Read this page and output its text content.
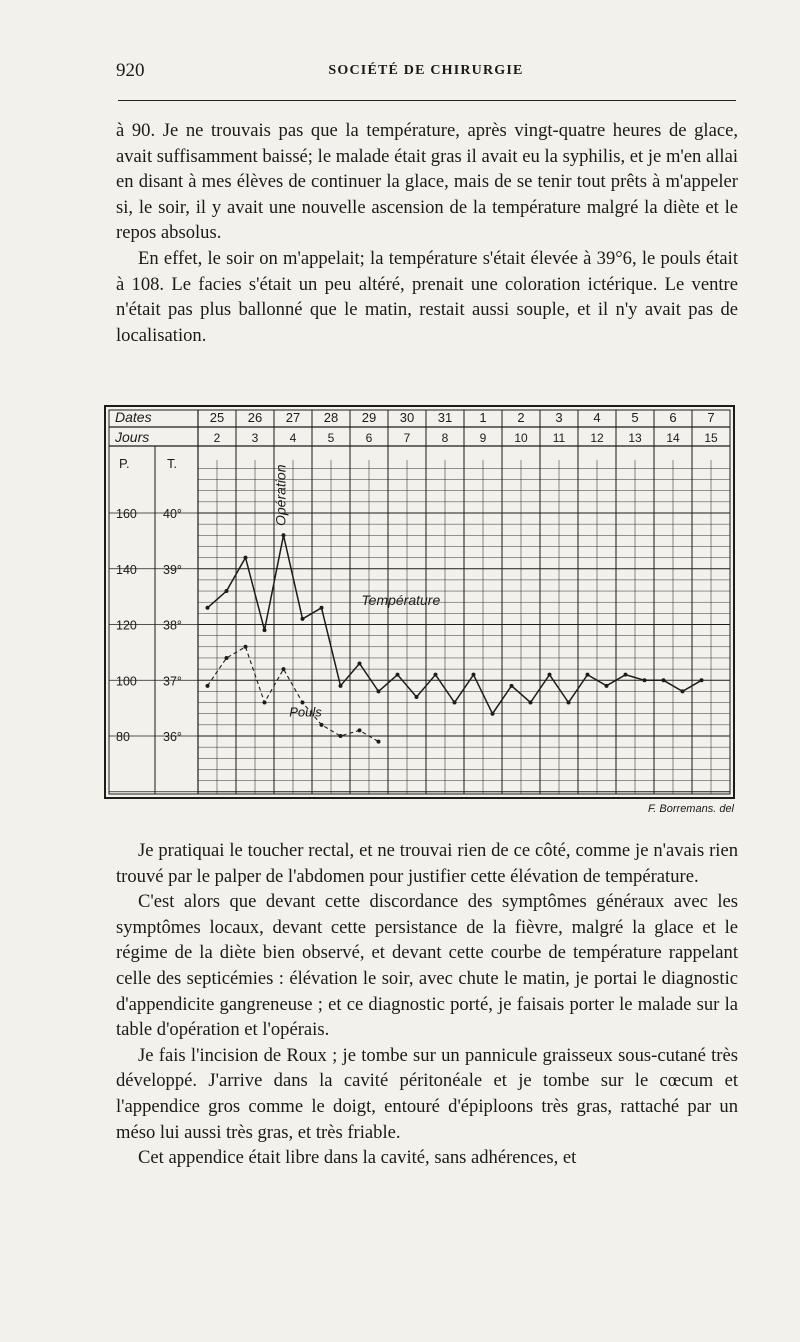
920	SOCIÉTÉ DE CHIRURGIE

à 90. Je ne trouvais pas que la température, après vingt-quatre heures de glace, avait suffisamment baissé; le malade était gras il avait eu la syphilis, et je m'en allai en disant à mes élèves de continuer la glace, mais de se tenir tout prêts à m'appeler si, le soir, il y avait une nouvelle ascension de la température malgré la diète et le repos absolus.

En effet, le soir on m'appelait; la température s'était élevée à 39°6, le pouls était à 108. Le facies s'était un peu altéré, prenait une coloration ictérique. Le ventre n'était pas plus ballonné que le matin, restait aussi souple, et il n'y avait pas de localisation.

Dates
Jours
P.	T.
25 26 27 28 29 30 31 1 2 3 4 5 6 7
2	3	4	5	6	7	8	9 10 11 12 13 14 15
40°
39°
38°
37°
36°
160
140
120
100
80
Opération
Température
Pouls
F. Borremans. del

Je pratiquai le toucher rectal, et ne trouvai rien de ce côté, comme je n'avais rien trouvé par le palper de l'abdomen pour justifier cette élévation de température.

C'est alors que devant cette discordance des symptômes généraux avec les symptômes locaux, devant cette persistance de la fièvre, malgré la glace et le régime de la diète bien observé, et devant cette courbe de température rappelant celle des septicémies : élévation le soir, avec chute le matin, je portai le diagnostic d'appendicite gangreneuse ; et ce diagnostic porté, je faisais porter le malade sur la table d'opération et l'opérais.

Je fais l'incision de Roux ; je tombe sur un pannicule graisseux sous-cutané très développé. J'arrive dans la cavité péritonéale et je tombe sur le cœcum et l'appendice gros comme le doigt, entouré d'épiploons très gras, rattaché par un méso lui aussi très gras, et très friable.

Cet appendice était libre dans la cavité, sans adhérences, et
